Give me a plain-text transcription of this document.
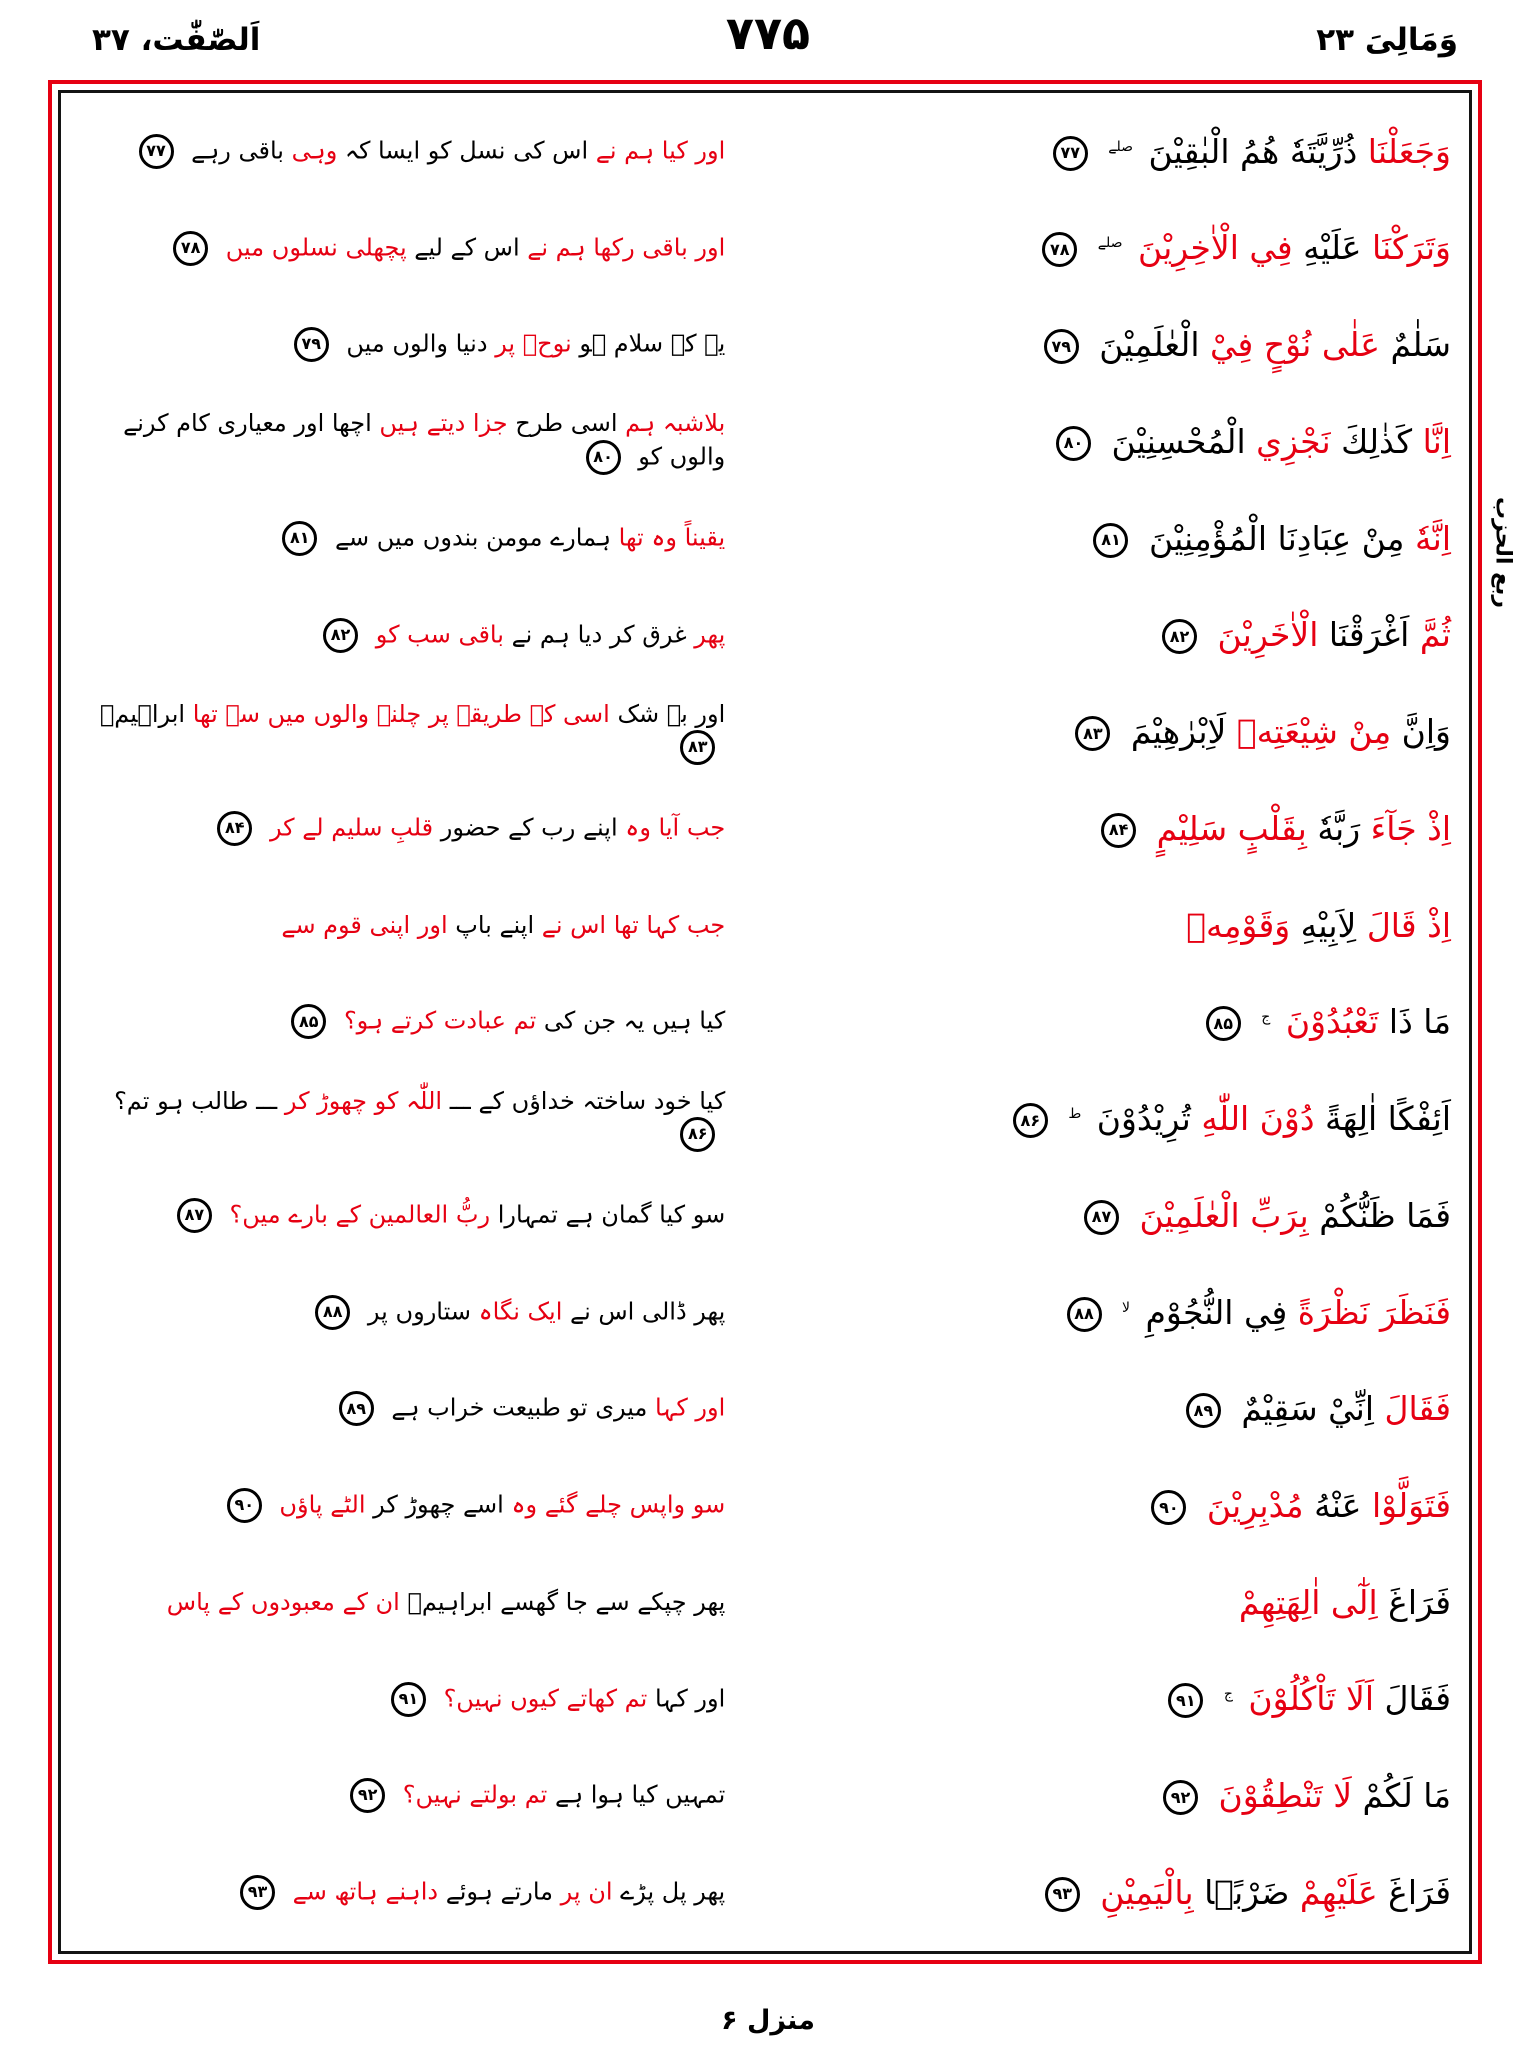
اَلصّٰفّٰت، ۳۷	۷۷۵	وَمَالِیَ ۲۳
وَجَعَلْنَا ذُرِّيَّتَهٗ هُمُ الْبٰقِيْنَ $^{صلے}$ ۷۷
اور کیا ہم نے اس کی نسل کو ایسا کہ وہی باقی رہے ۷۷
وَتَرَكْنَا عَلَيْهِ فِي الْاٰخِرِيْنَ $^{صلے}$ ۷۸
اور باقی رکھا ہم نے اس کے لیے پچھلی نسلوں میں ۷۸
سَلٰمٌ عَلٰى نُوْحٍ فِيْ الْعٰلَمِيْنَ ۷۹
یہ کہ سلام ہو نوحؑ پر دنیا والوں میں ۷۹
اِنَّا كَذٰلِكَ نَجْزِي الْمُحْسِنِيْنَ ۸۰
بلاشبہ ہم اسی طرح جزا دیتے ہیں اچھا اور معیاری کام کرنے والوں کو ۸۰
اِنَّهٗ مِنْ عِبَادِنَا الْمُؤْمِنِيْنَ ۸۱
یقیناً وہ تھا ہمارے مومن بندوں میں سے ۸۱
ثُمَّ اَغْرَقْنَا الْاٰخَرِيْنَ ۸۲
پھر غرق کر دیا ہم نے باقی سب کو ۸۲
وَاِنَّ مِنْ شِيْعَتِهٖ لَاِبْرٰهِيْمَ ۸۳
اور بے شک اسی کے طریقے پر چلنے والوں میں سے تھا ابراہیمؑ ۸۳
اِذْ جَآءَ رَبَّهٗ بِقَلْبٍ سَلِيْمٍ ۸۴
جب آیا وہ اپنے رب کے حضور قلبِ سلیم لے کر ۸۴
اِذْ قَالَ لِاَبِيْهِ وَقَوْمِهٖ
جب کہا تھا اس نے اپنے باپ اور اپنی قوم سے
مَا ذَا تَعْبُدُوْنَ $^ج$ ۸۵
کیا ہیں یہ جن کی تم عبادت کرتے ہو؟ ۸۵
اَئِفْكًا اٰلِهَةً دُوْنَ اللّٰهِ تُرِيْدُوْنَ $^ط$ ۸۶
کیا خود ساختہ خداؤں کے ـــ اللّٰہ کو چھوڑ کر ـــ طالب ہو تم؟ ۸۶
فَمَا ظَنُّكُمْ بِرَبِّ الْعٰلَمِيْنَ ۸۷
سو کیا گمان ہے تمہارا ربُّ العالمین کے بارے میں؟ ۸۷
فَنَظَرَ نَظْرَةً فِي النُّجُوْمِ $^{لا}$ ۸۸
پھر ڈالی اس نے ایک نگاہ ستاروں پر ۸۸
فَقَالَ اِنِّيْ سَقِيْمٌ ۸۹
اور کہا میری تو طبیعت خراب ہے ۸۹
فَتَوَلَّوْا عَنْهُ مُدْبِرِيْنَ ۹۰
سو واپس چلے گئے وہ اسے چھوڑ کر الٹے پاؤں ۹۰
فَرَاغَ اِلٰٓى اٰلِهَتِهِمْ
پھر چپکے سے جا گھسے ابراہیمؑ ان کے معبودوں کے پاس
فَقَالَ اَلَا تَاْكُلُوْنَ $^ج$ ۹۱
اور کہا تم کھاتے کیوں نہیں؟ ۹۱
مَا لَكُمْ لَا تَنْطِقُوْنَ ۹۲
تمہیں کیا ہوا ہے تم بولتے نہیں؟ ۹۲
فَرَاغَ عَلَيْهِمْ ضَرْبًۢا بِالْيَمِيْنِ ۹۳
پھر پل پڑے ان پر مارتے ہوئے داہنے ہاتھ سے ۹۳
ربع الحزب
منزل ۶
